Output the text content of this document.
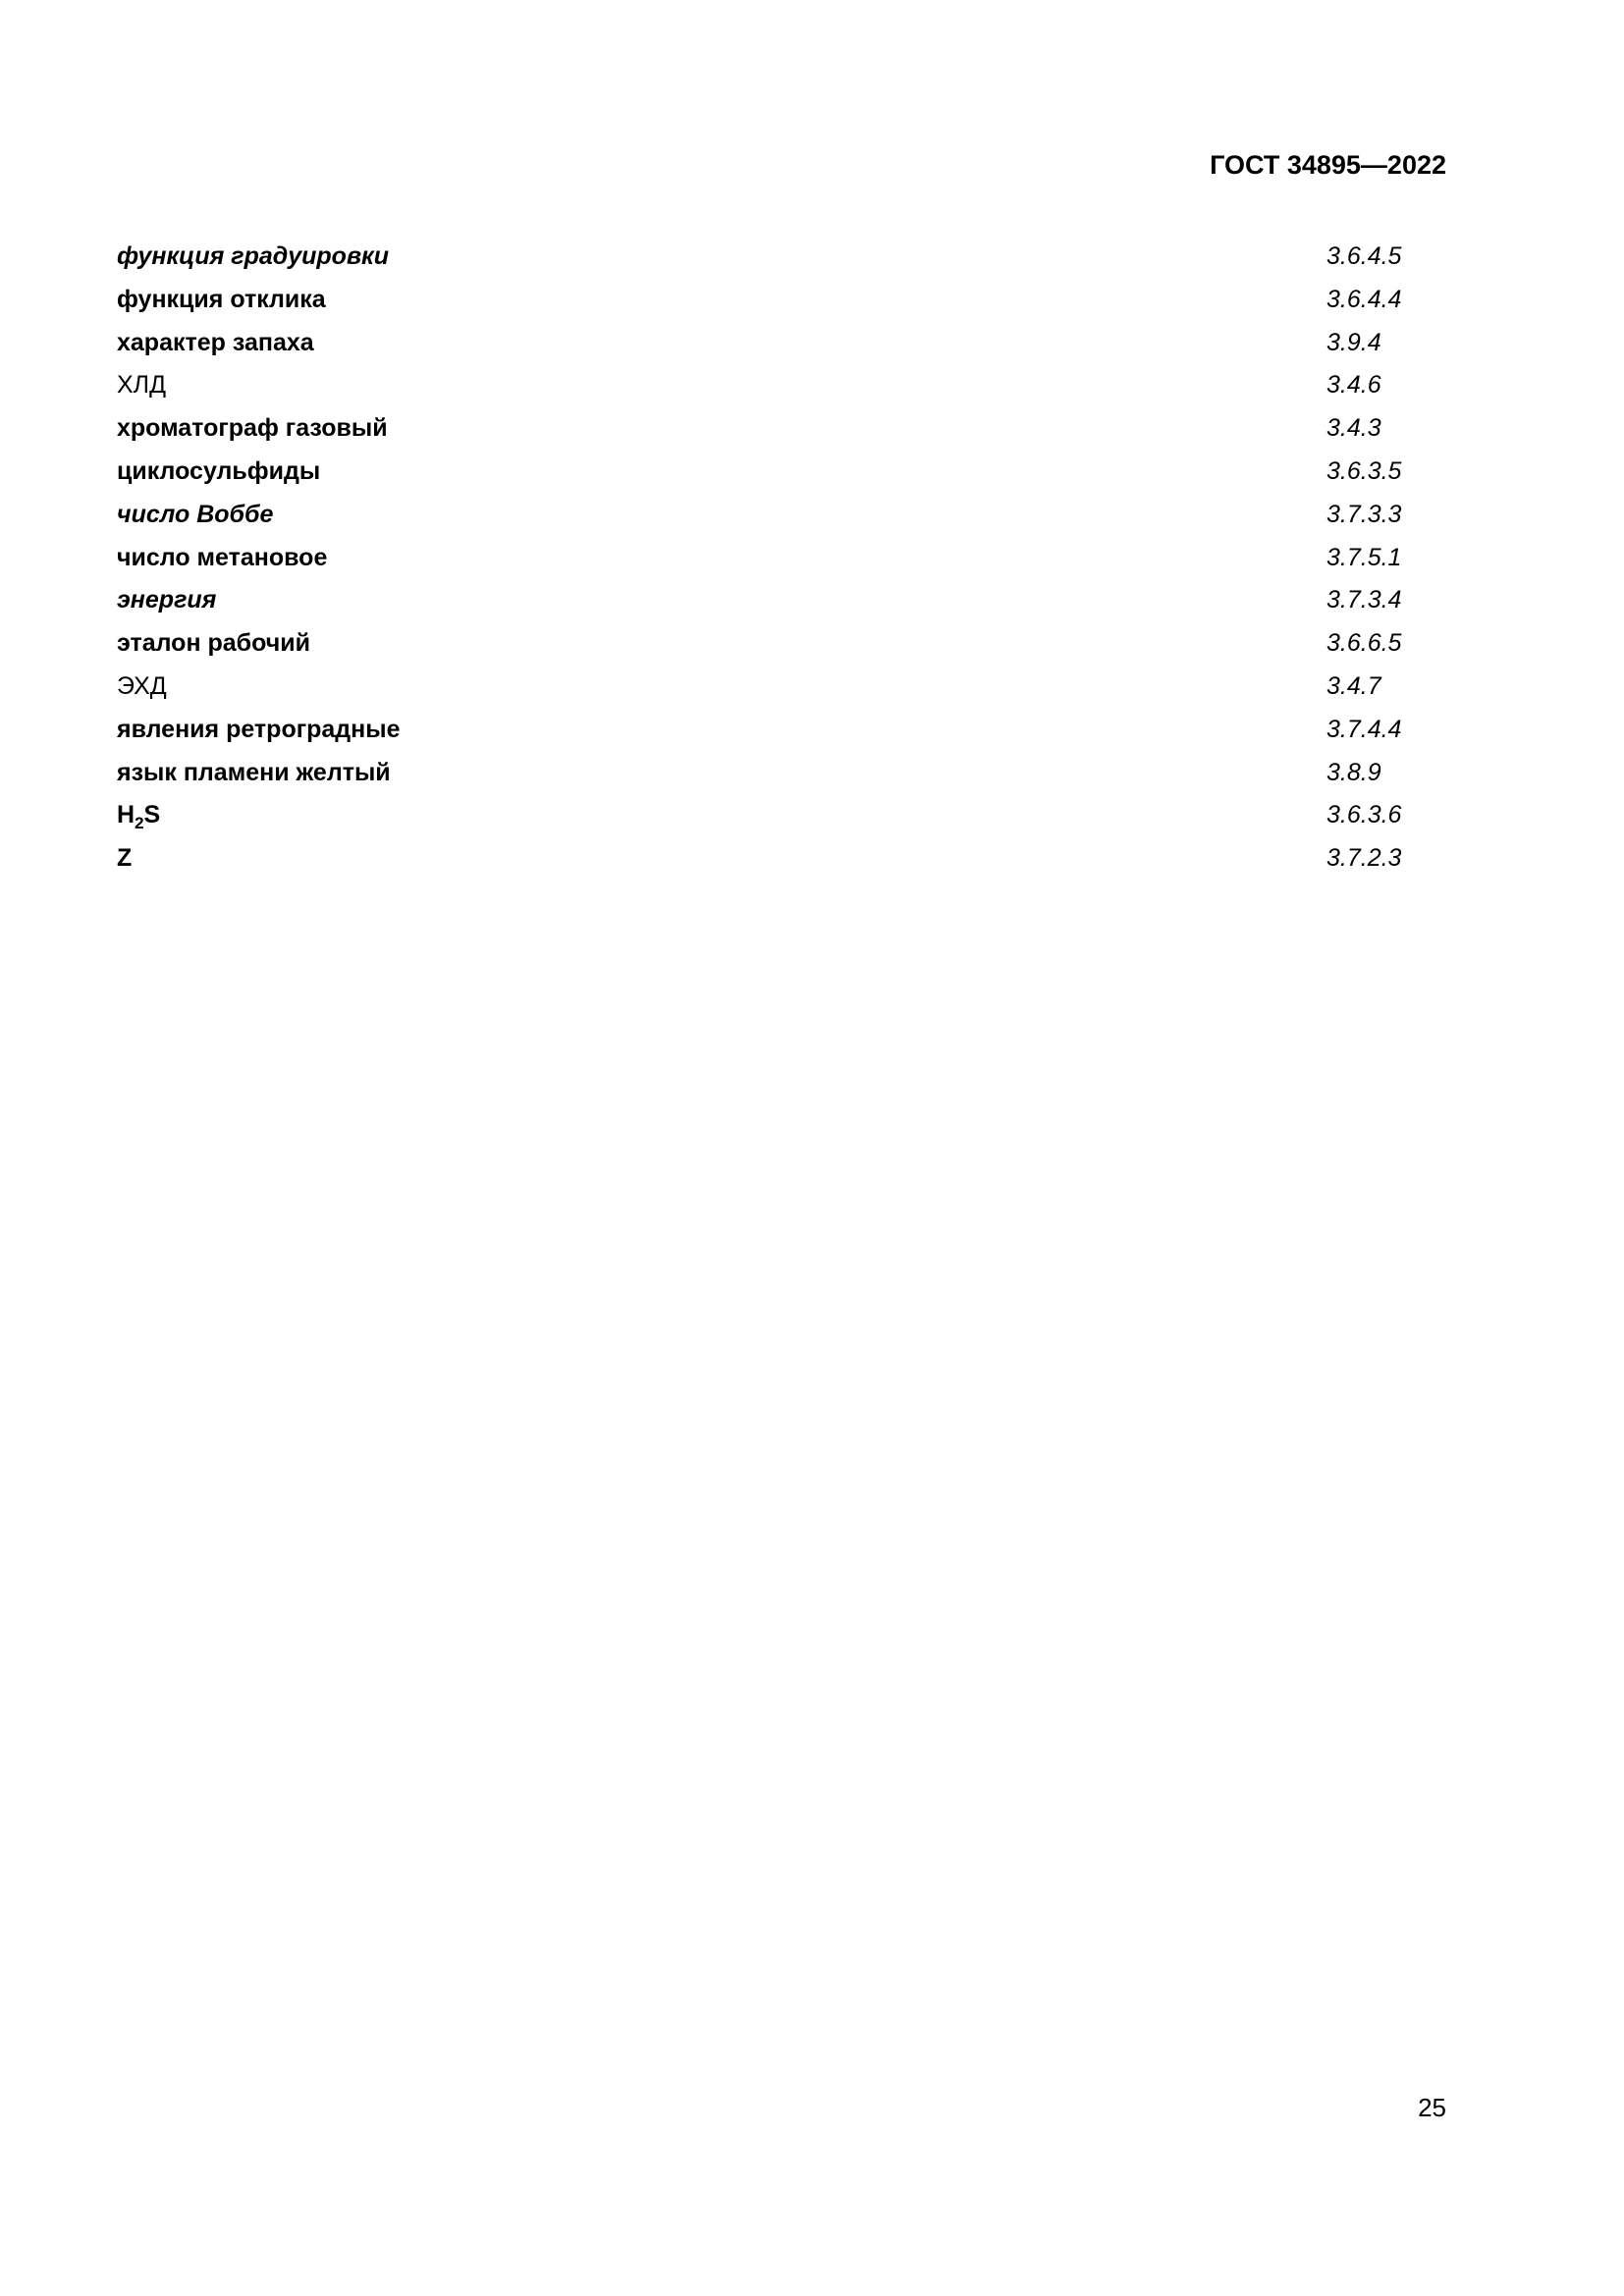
ГОСТ 34895—2022
функция градуировки	3.6.4.5
функция отклика	3.6.4.4
характер запаха	3.9.4
ХЛД	3.4.6
хроматограф газовый	3.4.3
циклосульфиды	3.6.3.5
число Воббе	3.7.3.3
число метановое	3.7.5.1
энергия	3.7.3.4
эталон рабочий	3.6.6.5
ЭХД	3.4.7
явления ретроградные	3.7.4.4
язык пламени желтый	3.8.9
$H_2S$	3.6.3.6
Z	3.7.2.3
25
